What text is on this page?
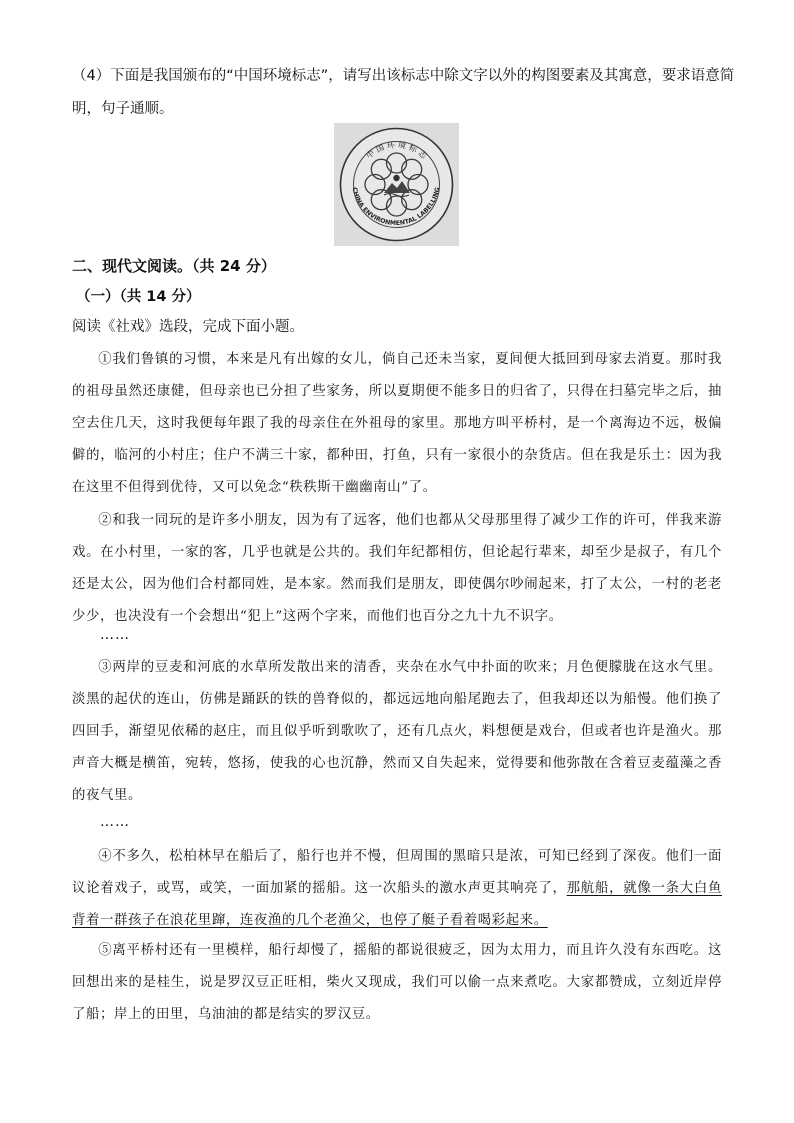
（4）下面是我国颁布的“中国环境标志”，请写出该标志中除文字以外的构图要素及其寓意，要求语意简
明，句子通顺。
中 国 环 境 标 志
CHINA ENVIRONMENTAL LABELLING
二、现代文阅读。（共 24 分）
（一）（共 14 分）
阅读《社戏》选段，完成下面小题。

①我们鲁镇的习惯，本来是凡有出嫁的女儿，倘自己还未当家，夏间便大抵回到母家去消夏。那时我的祖母虽然还康健，但母亲也已分担了些家务，所以夏期便不能多日的归省了，只得在扫墓完毕之后，抽空去住几天，这时我便每年跟了我的母亲住在外祖母的家里。那地方叫平桥村，是一个离海边不远，极偏僻的，临河的小村庄；住户不满三十家，都种田，打鱼，只有一家很小的杂货店。但在我是乐土：因为我在这里不但得到优待，又可以免念“秩秩斯干幽幽南山”了。

②和我一同玩的是许多小朋友，因为有了远客，他们也都从父母那里得了减少工作的许可，伴我来游戏。在小村里，一家的客，几乎也就是公共的。我们年纪都相仿，但论起行辈来，却至少是叔子，有几个还是太公，因为他们合村都同姓，是本家。然而我们是朋友，即使偶尔吵闹起来，打了太公，一村的老老少少，也决没有一个会想出“犯上”这两个字来，而他们也百分之九十九不识字。

……

③两岸的豆麦和河底的水草所发散出来的清香，夹杂在水气中扑面的吹来；月色便朦胧在这水气里。淡黑的起伏的连山，仿佛是踊跃的铁的兽脊似的，都远远地向船尾跑去了，但我却还以为船慢。他们换了四回手，渐望见依稀的赵庄，而且似乎听到歌吹了，还有几点火，料想便是戏台，但或者也许是渔火。那声音大概是横笛，宛转，悠扬，使我的心也沉静，然而又自失起来，觉得要和他弥散在含着豆麦蕴藻之香的夜气里。

……

④不多久，松柏林早在船后了，船行也并不慢，但周围的黑暗只是浓，可知已经到了深夜。他们一面议论着戏子，或骂，或笑，一面加紧的摇船。这一次船头的激水声更其响亮了，那航船，就像一条大白鱼背着一群孩子在浪花里蹿，连夜渔的几个老渔父，也停了艇子看着喝彩起来。

⑤离平桥村还有一里模样，船行却慢了，摇船的都说很疲乏，因为太用力，而且许久没有东西吃。这回想出来的是桂生，说是罗汉豆正旺相，柴火又现成，我们可以偷一点来煮吃。大家都赞成，立刻近岸停了船；岸上的田里，乌油油的都是结实的罗汉豆。
